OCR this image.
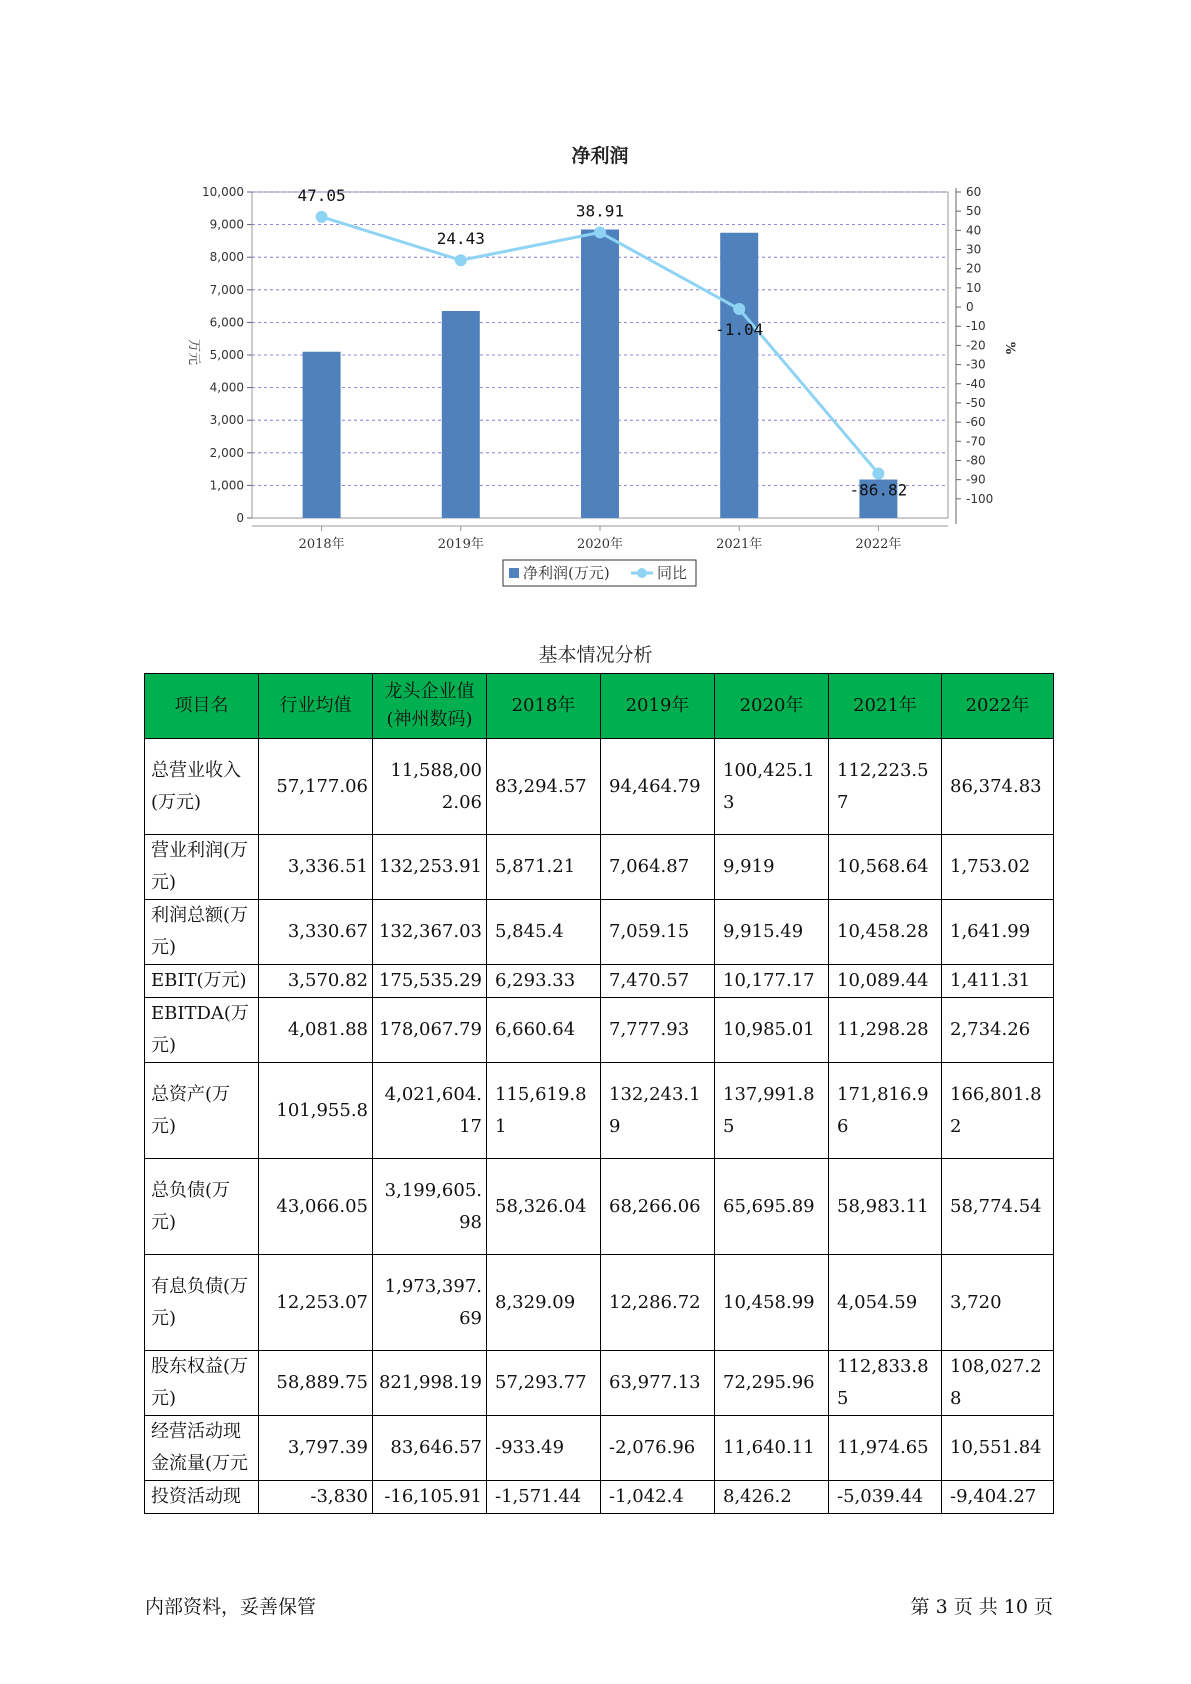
净利润
0
1,000
2,000
3,000
4,000
5,000
6,000
7,000
8,000
9,000
10,000	60
50
40
30
20
10
0
-10
-20
-30
-40
-50
-60
-70
-80
-90
-100
万元	%
2018年	2019年	2020年	2021年	2022年
47.05
24.43
38.91
-1.04
-86.82
净利润(万元)	同比
基本情况分析
项目名	行业均值	龙头企业值(神州数码)	2018年	2019年	2020年	2021年	2022年
总营业收入(万元)	57,177.06	11,588,002.06	83,294.57	94,464.79	100,425.13	112,223.57	86,374.83
营业利润(万元)	3,336.51	132,253.91	5,871.21	7,064.87	9,919	10,568.64	1,753.02
利润总额(万元)	3,330.67	132,367.03	5,845.4	7,059.15	9,915.49	10,458.28	1,641.99
EBIT(万元)	3,570.82	175,535.29	6,293.33	7,470.57	10,177.17	10,089.44	1,411.31
EBITDA(万元)	4,081.88	178,067.79	6,660.64	7,777.93	10,985.01	11,298.28	2,734.26
总资产(万元)	101,955.8	4,021,604.17	115,619.81	132,243.19	137,991.85	171,816.96	166,801.82
总负债(万元)	43,066.05	3,199,605.98	58,326.04	68,266.06	65,695.89	58,983.11	58,774.54
有息负债(万元)	12,253.07	1,973,397.69	8,329.09	12,286.72	10,458.99	4,054.59	3,720
股东权益(万元)	58,889.75	821,998.19	57,293.77	63,977.13	72,295.96	112,833.85	108,027.28
经营活动现金流量(万元	3,797.39	83,646.57	-933.49	-2,076.96	11,640.11	11,974.65	10,551.84
投资活动现	-3,830	-16,105.91	-1,571.44	-1,042.4	8,426.2	-5,039.44	-9,404.27
内部资料，妥善保管	第 3 页 共 10 页
